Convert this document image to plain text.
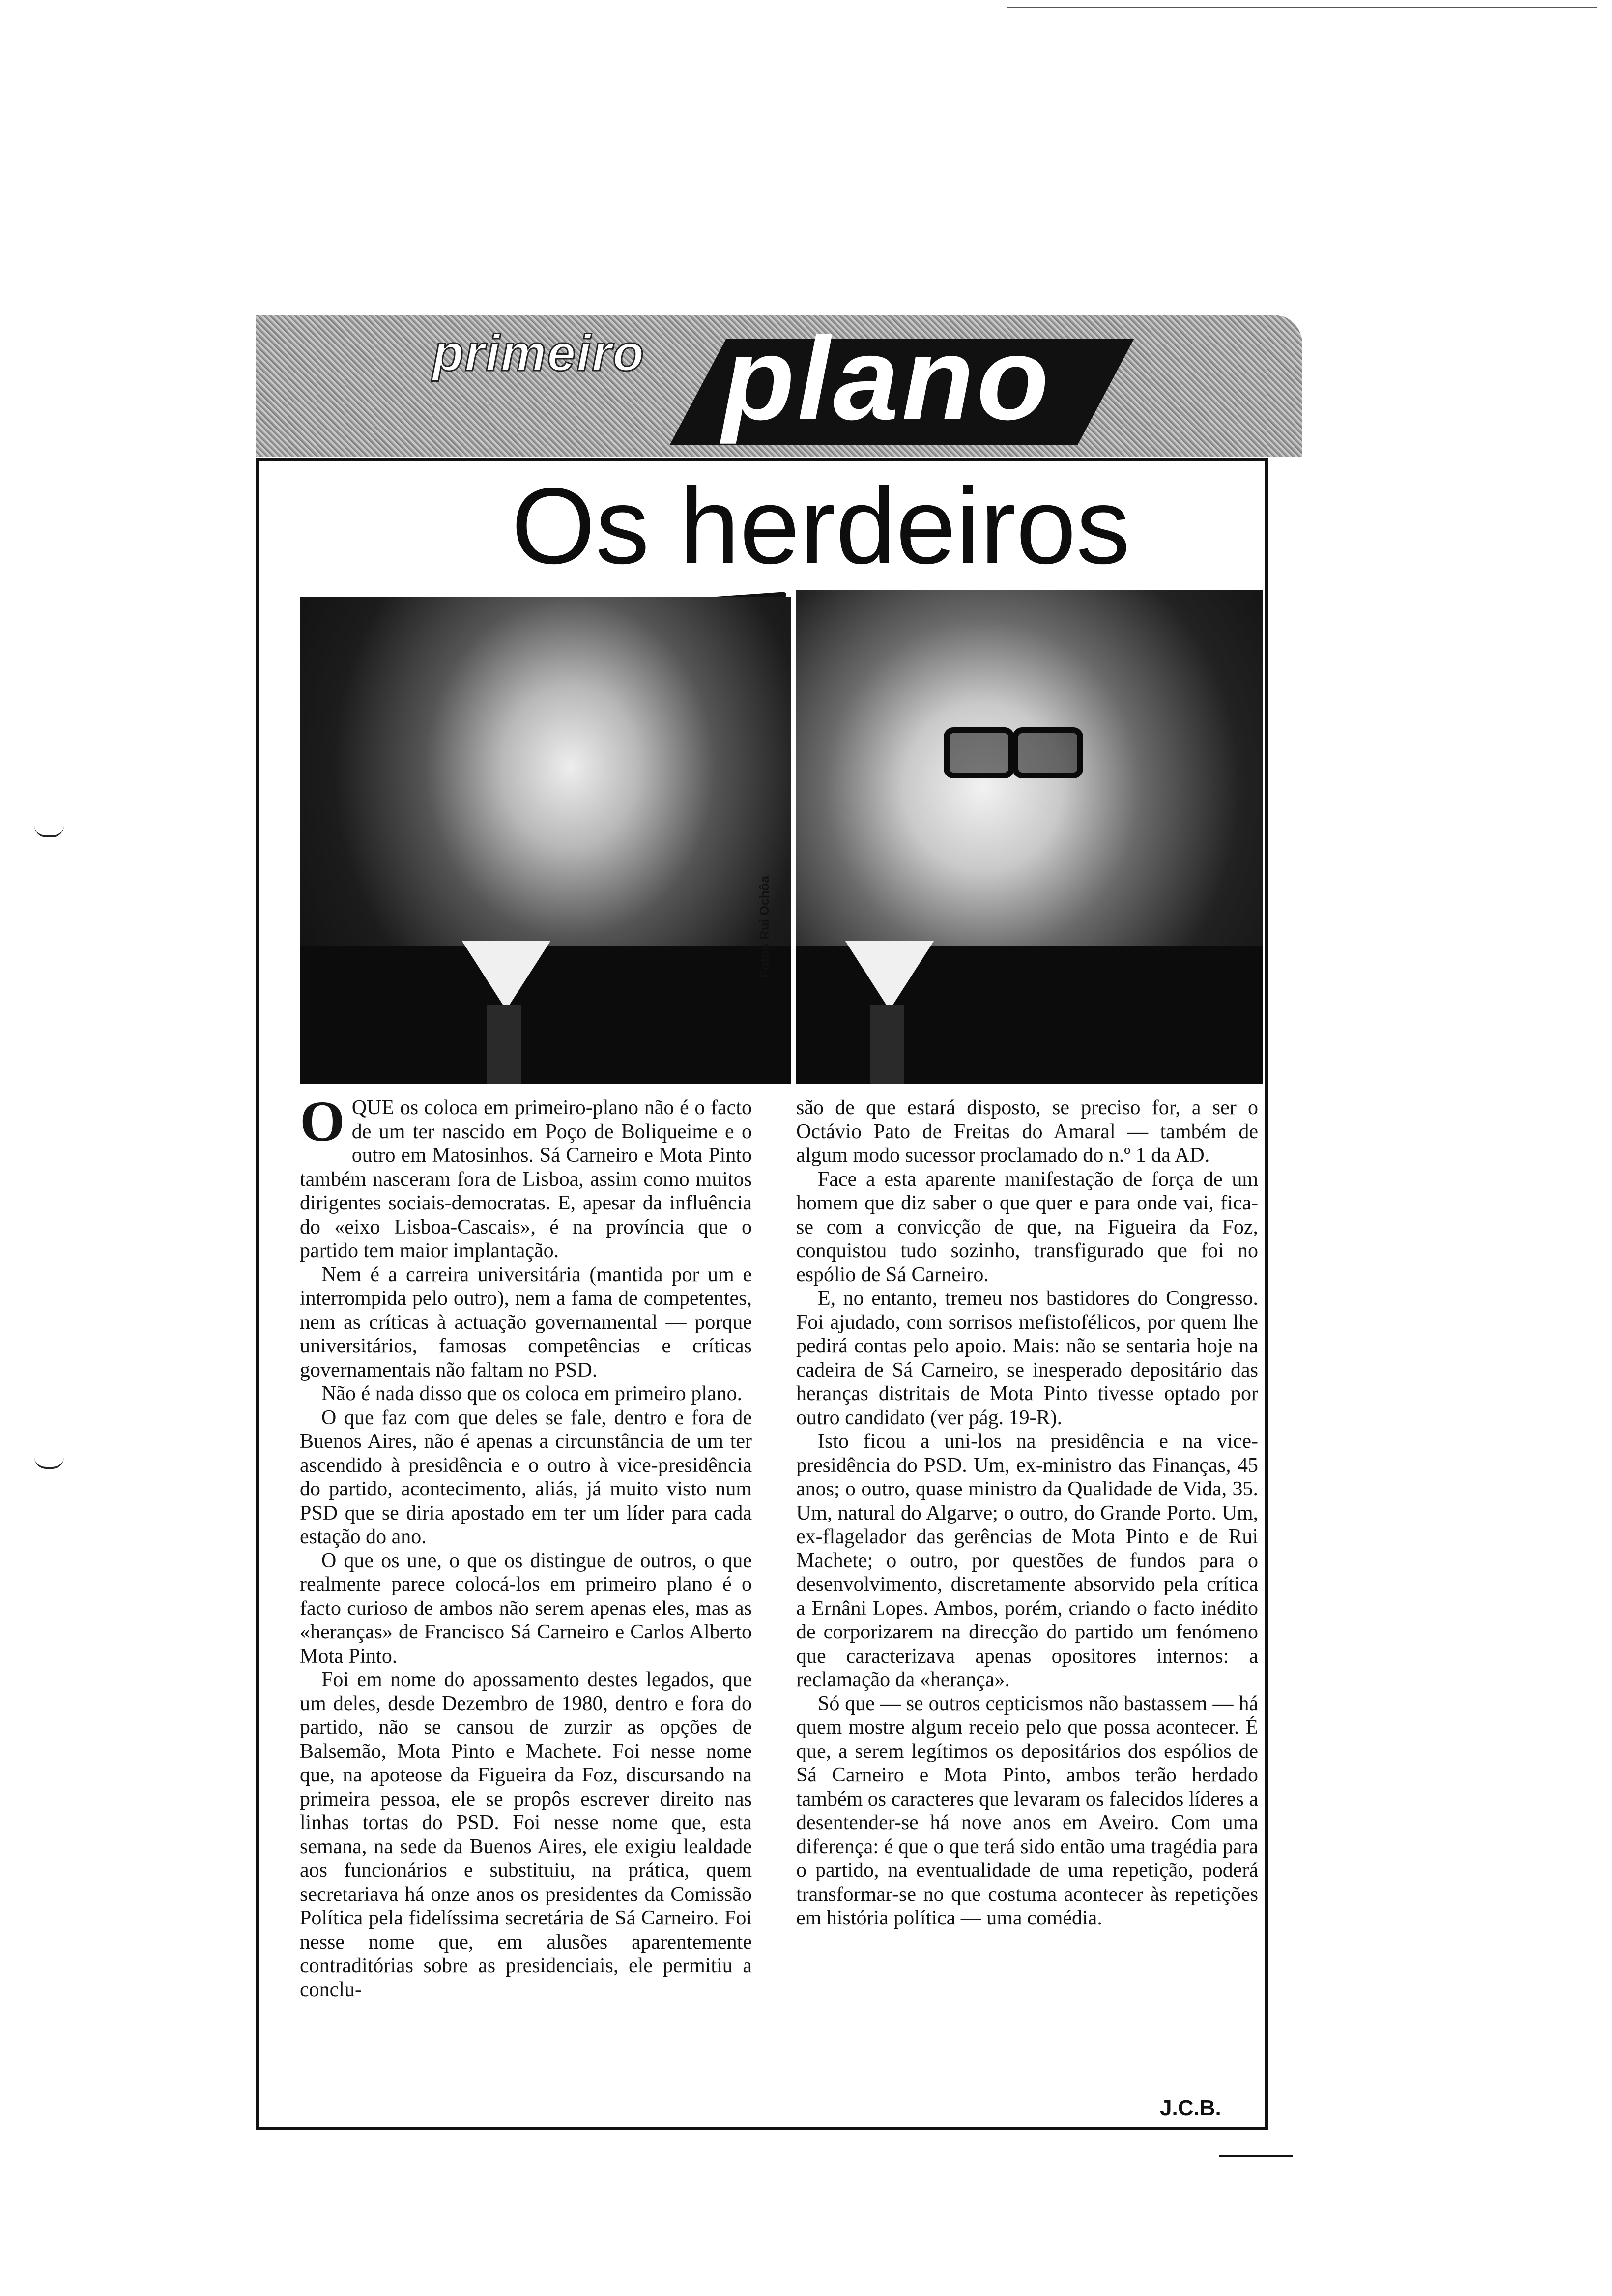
primeiro plano
Os herdeiros
Fotos Rui Ochôa

OQUE os coloca em primeiro-plano não é o facto de um ter nascido em Poço de Boliqueime e o outro em Matosinhos. Sá Carneiro e Mota Pinto também nasceram fora de Lisboa, assim como muitos dirigentes sociais-democratas. E, apesar da influência do «eixo Lisboa-Cascais», é na província que o partido tem maior implantação.

Nem é a carreira universitária (mantida por um e interrompida pelo outro), nem a fama de competentes, nem as críticas à actuação governamental — porque universitários, famosas competências e críticas governamentais não faltam no PSD.

Não é nada disso que os coloca em primeiro plano.

O que faz com que deles se fale, dentro e fora de Buenos Aires, não é apenas a circunstância de um ter ascendido à presidência e o outro à vice-presidência do partido, acontecimento, aliás, já muito visto num PSD que se diria apostado em ter um líder para cada estação do ano.

O que os une, o que os distingue de outros, o que realmente parece colocá-los em primeiro plano é o facto curioso de ambos não serem apenas eles, mas as «heranças» de Francisco Sá Carneiro e Carlos Alberto Mota Pinto.

Foi em nome do apossamento destes legados, que um deles, desde Dezembro de 1980, dentro e fora do partido, não se cansou de zurzir as opções de Balsemão, Mota Pinto e Machete. Foi nesse nome que, na apoteose da Figueira da Foz, discursando na primeira pessoa, ele se propôs escrever direito nas linhas tortas do PSD. Foi nesse nome que, esta semana, na sede da Buenos Aires, ele exigiu lealdade aos funcionários e substituiu, na prática, quem secretariava há onze anos os presidentes da Comissão Política pela fidelíssima secretária de Sá Carneiro. Foi nesse nome que, em alusões aparentemente contraditórias sobre as presidenciais, ele permitiu a conclu-

são de que estará disposto, se preciso for, a ser o Octávio Pato de Freitas do Amaral — também de algum modo sucessor proclamado do n.º 1 da AD.

Face a esta aparente manifestação de força de um homem que diz saber o que quer e para onde vai, fica-se com a convicção de que, na Figueira da Foz, conquistou tudo sozinho, transfigurado que foi no espólio de Sá Carneiro.

E, no entanto, tremeu nos bastidores do Congresso. Foi ajudado, com sorrisos mefistofélicos, por quem lhe pedirá contas pelo apoio. Mais: não se sentaria hoje na cadeira de Sá Carneiro, se inesperado depositário das heranças distritais de Mota Pinto tivesse optado por outro candidato (ver pág. 19-R).

Isto ficou a uni-los na presidência e na vice-presidência do PSD. Um, ex-ministro das Finanças, 45 anos; o outro, quase ministro da Qualidade de Vida, 35. Um, natural do Algarve; o outro, do Grande Porto. Um, ex-flagelador das gerências de Mota Pinto e de Rui Machete; o outro, por questões de fundos para o desenvolvimento, discretamente absorvido pela crítica a Ernâni Lopes. Ambos, porém, criando o facto inédito de corporizarem na direcção do partido um fenómeno que caracterizava apenas opositores internos: a reclamação da «herança».

Só que — se outros cepticismos não bastassem — há quem mostre algum receio pelo que possa acontecer. É que, a serem legítimos os depositários dos espólios de Sá Carneiro e Mota Pinto, ambos terão herdado também os caracteres que levaram os falecidos líderes a desentender-se há nove anos em Aveiro. Com uma diferença: é que o que terá sido então uma tragédia para o partido, na eventualidade de uma repetição, poderá transformar-se no que costuma acontecer às repetições em história política — uma comédia.

J.C.B.
